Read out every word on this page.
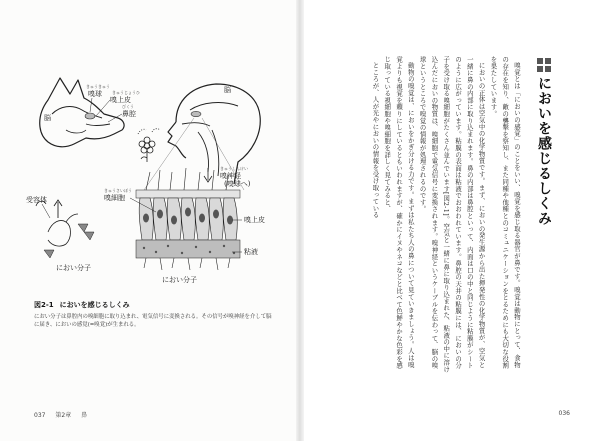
脳
きゅうきゅう
嗅球	きゅうじょうひ
嗅上皮
びくう
鼻腔
脳
きゅうしんけい
嗅神経
(嗅球へ)
きゅうさいぼう
嗅細胞
嗅上皮
粘液
におい分子
受容体
におい分子
図2-1 においを感じるしくみ
におい分子は鼻腔内の嗅細胞に取り込まれ、電気信号に変換される。その信号が嗅神経を介して脳に届き、においの感覚(=嗅覚)が生まれる。
037 第2章 鼻	036
においを感じるしくみ

嗅覚とは「においの感覚」のことをいい、嗅覚を感じ取る器官が鼻です。嗅覚は動物にとって、食物の存在を知り、敵の襲撃を察知し、また同種や他種とのコミュニケーションをとるためにも大切な役割を果たしています。

においの正体は空気中の化学物質です。まず、においの発生源から出た揮発性の化学物質が、空気と一緒に鼻の内部に取り込まれます。鼻の内部は鼻腔といって、内面は口の中と同じように粘膜がシートのように広がっています。粘膜の表面は粘液でおおわれています。鼻腔の天井の粘膜には、においの分子を受け取る嗅細胞がたくさん並んでいます[図2-1]。空気と一緒に鼻に取り込まれた、粘液の中に溶け込んだにおいの物質は、嗅細胞で電気信号に変換されます。嗅神経というケーブルを伝わって、脳の嗅球というところで嗅覚の情報が処理されるのです。

動物の嗅覚は、においをかぎ分ける力です。まずは私たち人の鼻について見ていきましょう。人は嗅覚よりも視覚を頼りにしているともいわれますが、確かにイヌやネコなどと比べて色鮮やかな色彩を感じ取っている視細胞や嗅細胞を詳しく見てみると、

ところが、人が光やにおいの情報を受け取っている
